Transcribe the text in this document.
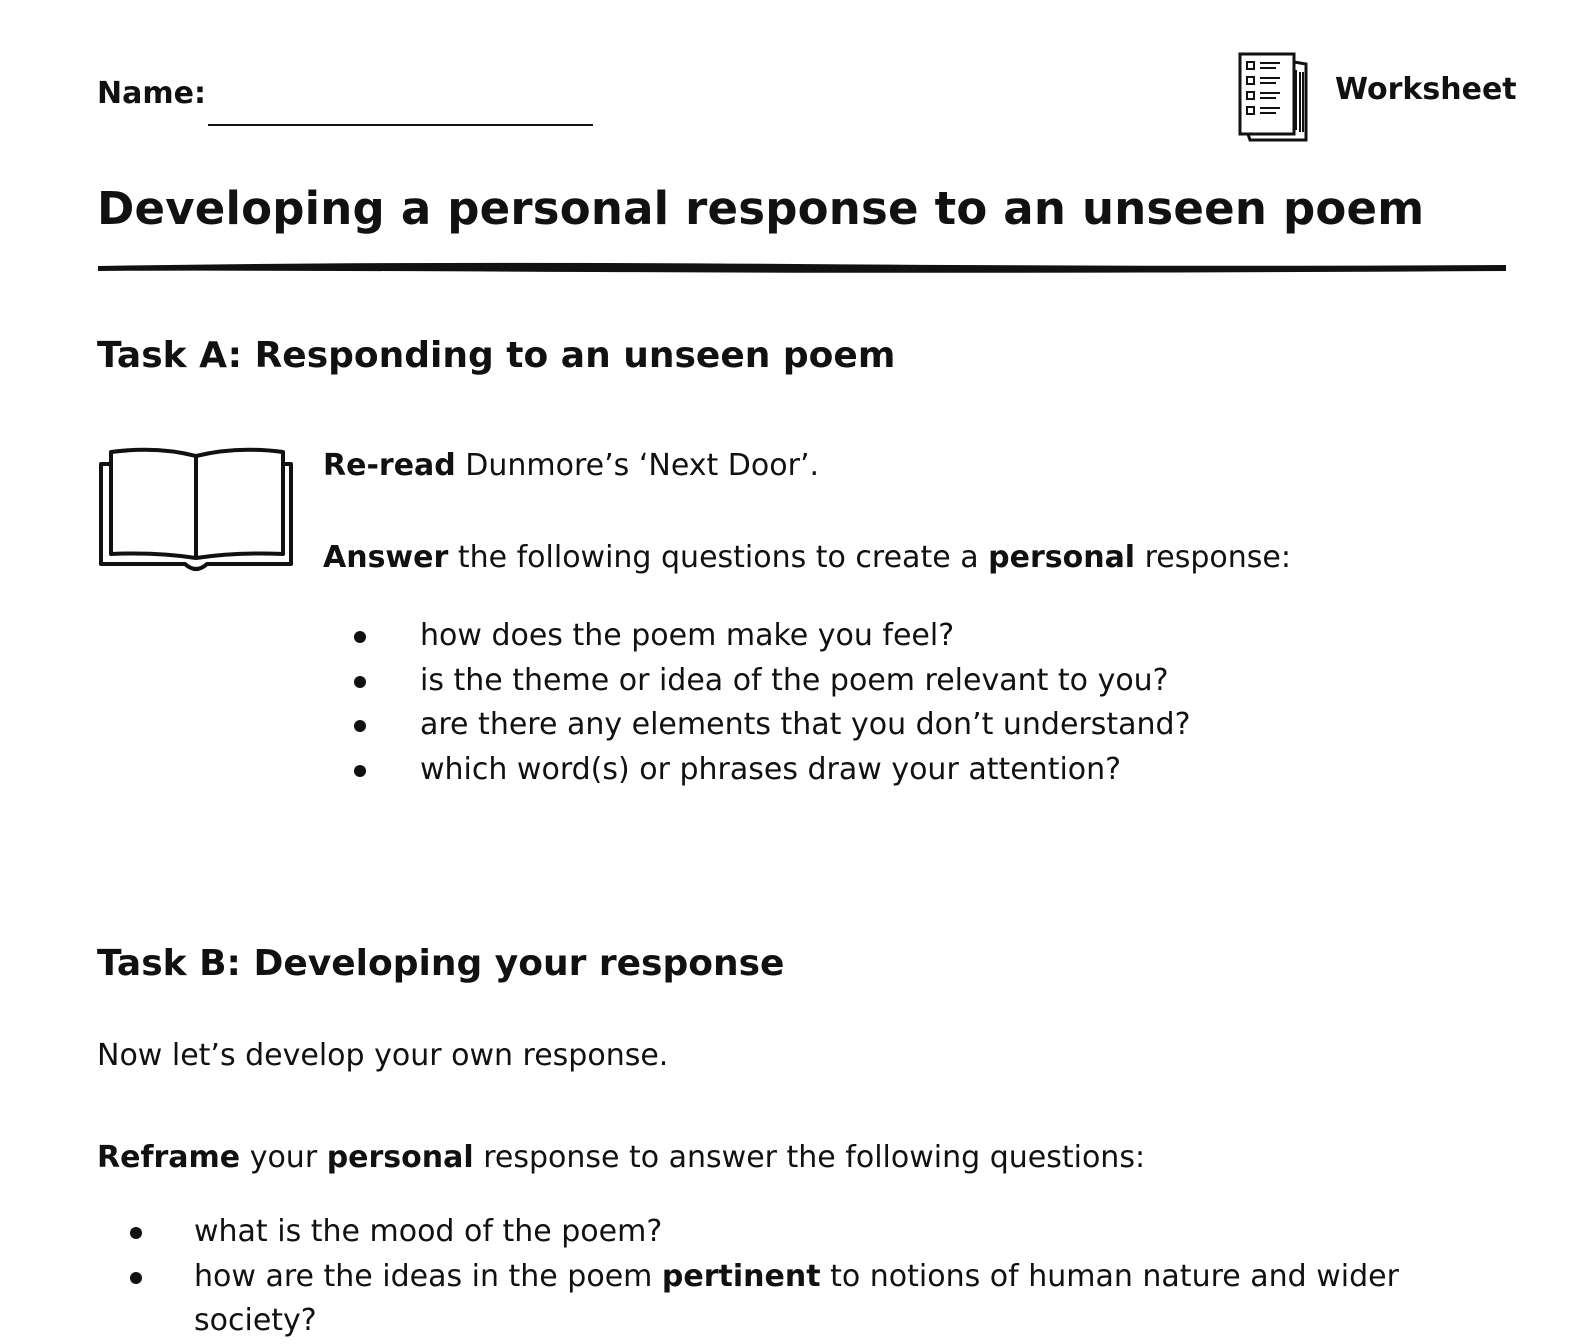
Name:	Worksheet
Developing a personal response to an unseen poem
Task A: Responding to an unseen poem
Re-read Dunmore’s ‘Next Door’.
Answer the following questions to create a personal response:
how does the poem make you feel?
is the theme or idea of the poem relevant to you?
are there any elements that you don’t understand?
which word(s) or phrases draw your attention?
Task B: Developing your response
Now let’s develop your own response.
Reframe your personal response to answer the following questions:
what is the mood of the poem?
how are the ideas in the poem pertinent to notions of human nature and wider society?
